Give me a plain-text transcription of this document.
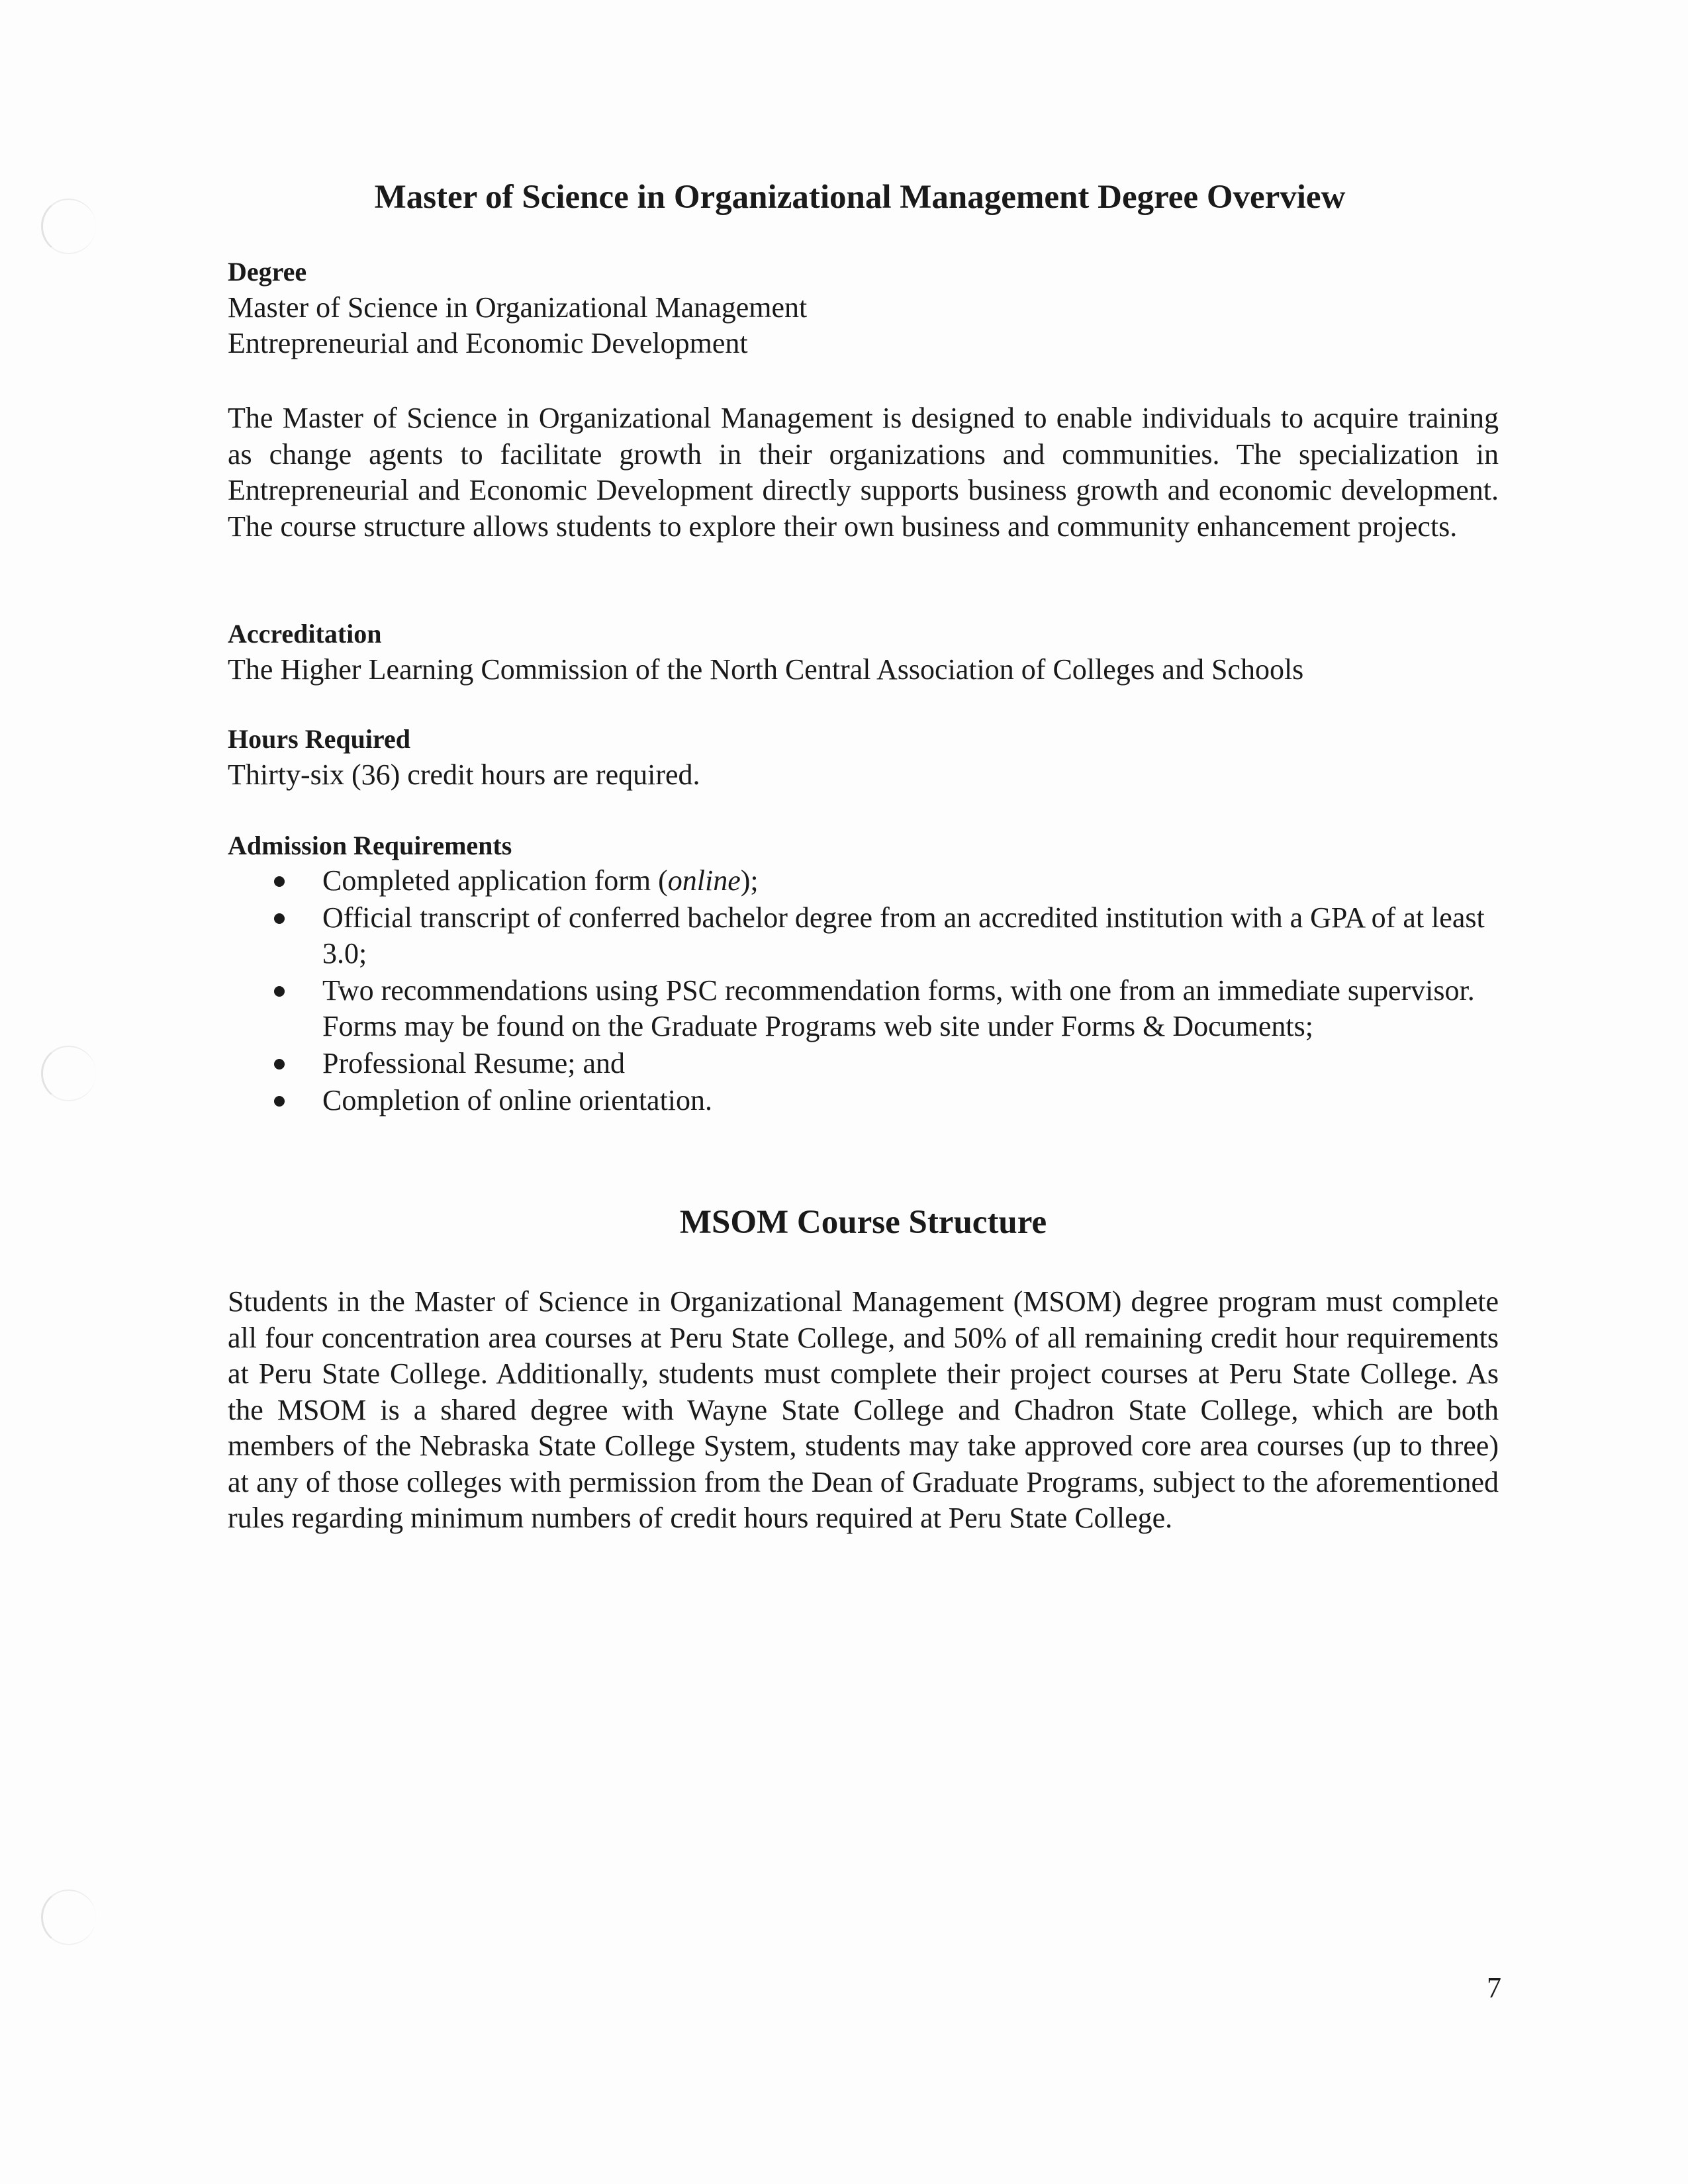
Master of Science in Organizational Management Degree Overview

Degree

Master of Science in Organizational Management

Entrepreneurial and Economic Development

The Master of Science in Organizational Management is designed to enable individuals to acquire training as change agents to facilitate growth in their organizations and communities. The specialization in Entrepreneurial and Economic Development directly supports business growth and economic development. The course structure allows students to explore their own business and community enhancement projects.

Accreditation

The Higher Learning Commission of the North Central Association of Colleges and Schools

Hours Required

Thirty-six (36) credit hours are required.

Admission Requirements

Completed application form (online);
Official transcript of conferred bachelor degree from an accredited institution with a GPA of at least 3.0;
Two recommendations using PSC recommendation forms, with one from an immediate supervisor. Forms may be found on the Graduate Programs web site under Forms & Documents;
Professional Resume; and
Completion of online orientation.
MSOM Course Structure

Students in the Master of Science in Organizational Management (MSOM) degree program must complete all four concentration area courses at Peru State College, and 50% of all remaining credit hour requirements at Peru State College. Additionally, students must complete their project courses at Peru State College. As the MSOM is a shared degree with Wayne State College and Chadron State College, which are both members of the Nebraska State College System, students may take approved core area courses (up to three) at any of those colleges with permission from the Dean of Graduate Programs, subject to the aforementioned rules regarding minimum numbers of credit hours required at Peru State College.

7
